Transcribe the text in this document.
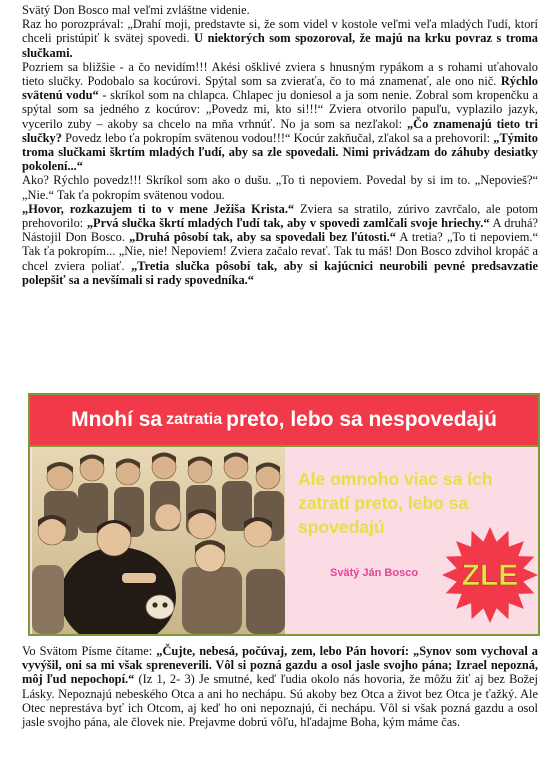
Svätý Don Bosco mal veľmi zvláštne videnie.

Raz ho porozprával: „Drahí moji, predstavte si, že som videl v kostole veľmi veľa mladých ľudí, ktorí chceli pristúpiť k svätej spovedi. U niektorých som spozoroval, že majú na krku povraz s troma slučkami.

Pozriem sa bližšie - a čo nevidím!!! Akési ošklivé zviera s hnusným rypákom a s rohami uťahovalo tieto slučky. Podobalo sa kocúrovi. Spýtal som sa zvieraťa, čo to má znamenať, ale ono nič. Rýchlo svätenú vodu“ - skríkol som na chlapca. Chlapec ju doniesol a ja som nenie. Zobral som kropenčku a spýtal som sa jedného z kocúrov: „Povedz mi, kto si!!!“ Zviera otvorilo papuľu, vyplazilo jazyk, vycerilo zuby – akoby sa chcelo na mňa vrhnúť. No ja som sa nezľakol: „Čo znamenajú tieto tri slučky? Povedz lebo ťa pokropím svätenou vodou!!!“ Kocúr zakňučal, zľakol sa a prehovoril: „Týmito troma slučkami škrtím mladých ľudí, aby sa zle spovedali. Nimi privádzam do záhuby desiatky pokolení...“

Ako? Rýchlo povedz!!! Skríkol som ako o dušu. „To ti nepoviem. Povedal by si im to. „Nepovieš?“ „Nie.“ Tak ťa pokropím svätenou vodou.

„Hovor, rozkazujem ti to v mene Ježiša Krista.“ Zviera sa stratilo, zúrivo zavrčalo, ale potom prehovorilo: „Prvá slučka škrtí mladých ľudí tak, aby v spovedi zamlčali svoje hriechy.“ A druhá? Nástojil Don Bosco. „Druhá pôsobí tak, aby sa spovedali bez ľútosti.“ A tretia? „To ti nepoviem.“ Tak ťa pokropím... „Nie, nie! Nepoviem! Zviera začalo revať. Tak tu máš! Don Bosco zdvihol kropáč a chcel zviera poliať. „Tretia slučka pôsobí tak, aby si kajúcnici neurobili pevné predsavzatie polepšiť sa a nevšímali si rady spovedníka.“

Mnohí sa zatratia preto, lebo sa nespovedajú
Ale omnoho viac sa ích zatratí preto, lebo sa spovedajú
Svätý Ján Bosco ZLE

Vo Svätom Písme čítame: „Čujte, nebesá, počúvaj, zem, lebo Pán hovorí: „Synov som vychoval a vyvýšil, oni sa mi však spreneverili. Vôl si pozná gazdu a osol jasle svojho pána; Izrael nepozná, môj ľud nepochopí.“ (Iz 1, 2- 3) Je smutné, keď ľudia okolo nás hovoria, že môžu žiť aj bez Božej Lásky. Nepoznajú nebeského Otca a ani ho nechápu. Sú akoby bez Otca a život bez Otca je ťažký. Ale Otec neprestáva byť ich Otcom, aj keď ho oni nepoznajú, či nechápu. Vôl si však pozná gazdu a osol jasle svojho pána, ale človek nie. Prejavme dobrú vôľu, hľadajme Boha, kým máme čas.
